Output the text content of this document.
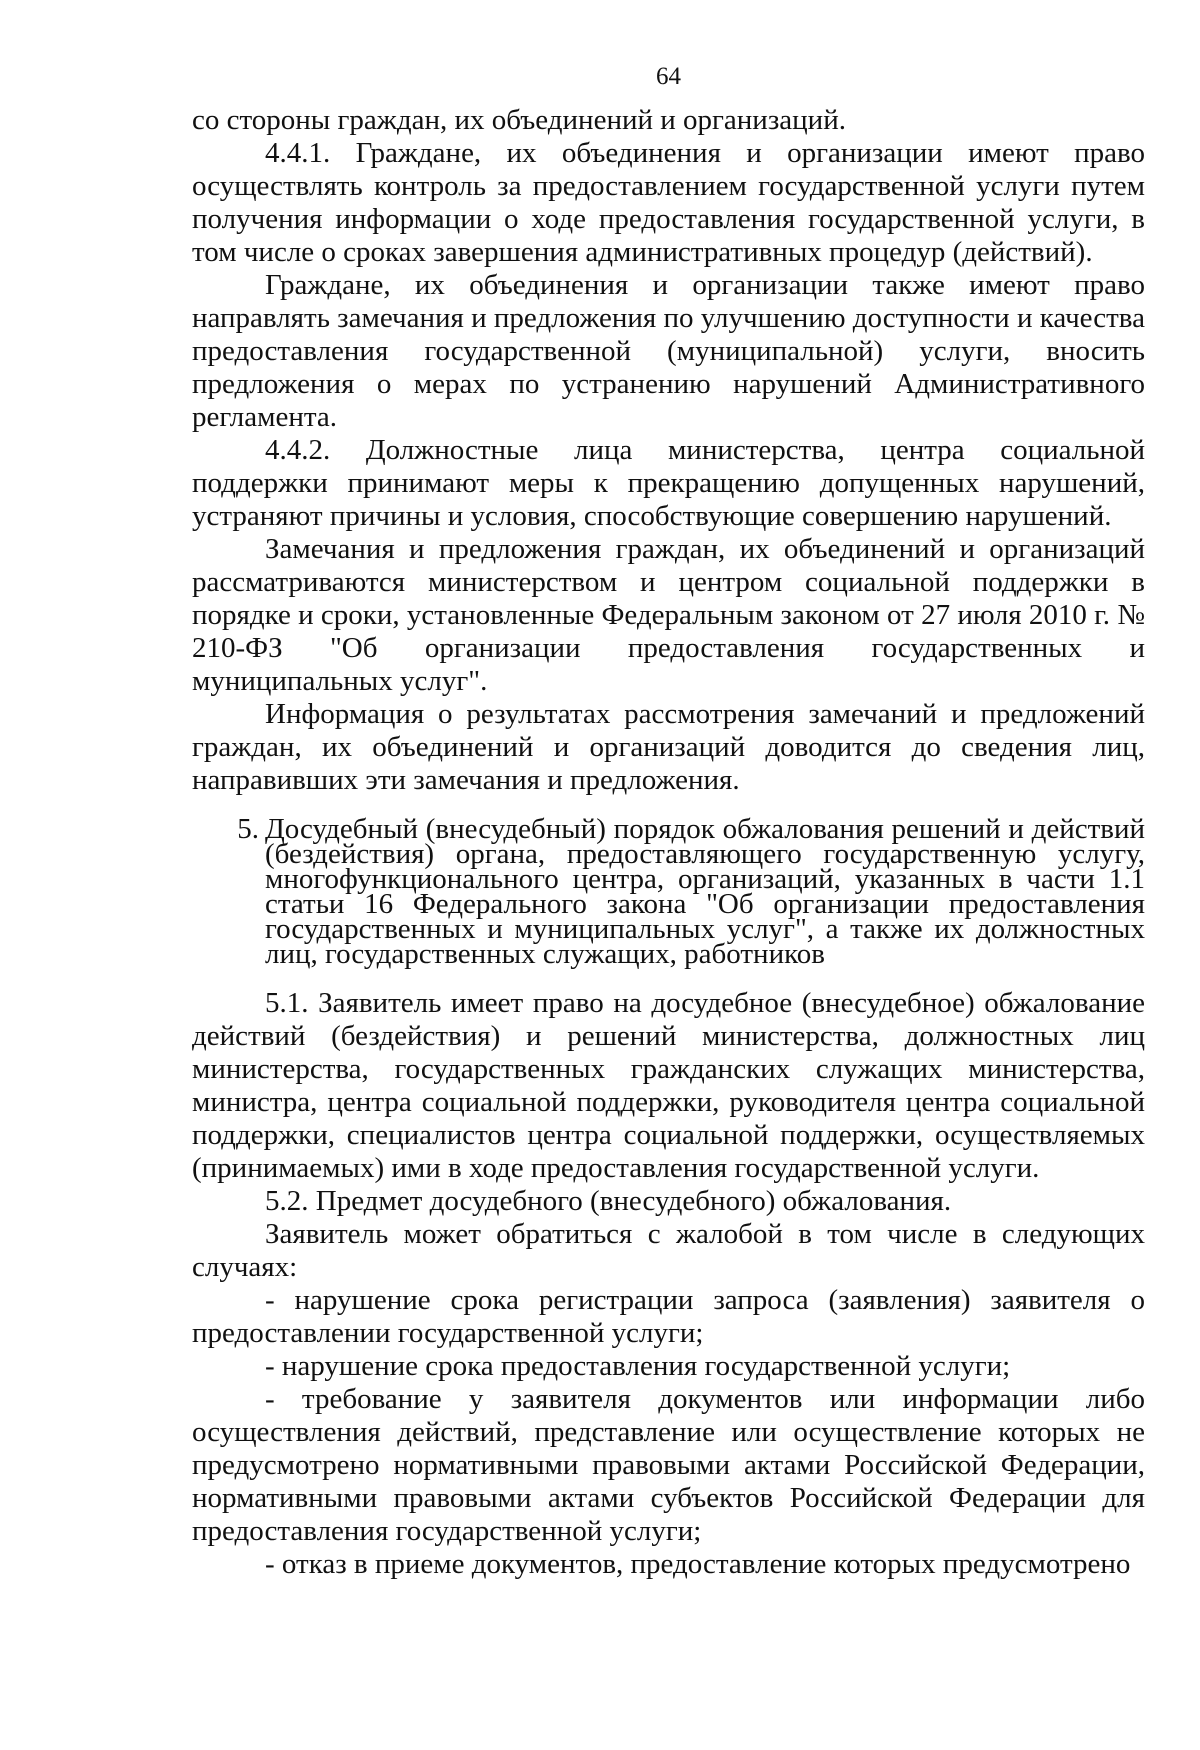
64

со стороны граждан, их объединений и организаций.

4.4.1. Граждане, их объединения и организации имеют право осуществлять контроль за предоставлением государственной услуги путем получения информации о ходе предоставления государственной услуги, в том числе о сроках завершения административных процедур (действий).

Граждане, их объединения и организации также имеют право направлять замечания и предложения по улучшению доступности и качества предоставления государственной (муниципальной) услуги, вносить предложения о мерах по устранению нарушений Административного регламента.

4.4.2. Должностные лица министерства, центра социальной поддержки принимают меры к прекращению допущенных нарушений, устраняют причины и условия, способствующие совершению нарушений.

Замечания и предложения граждан, их объединений и организаций рассматриваются министерством и центром социальной поддержки в порядке и сроки, установленные Федеральным законом от 27 июля 2010 г. № 210-ФЗ "Об организации предоставления государственных и муниципальных услуг".

Информация о результатах рассмотрения замечаний и предложений граждан, их объединений и организаций доводится до сведения лиц, направивших эти замечания и предложения.

5. Досудебный (внесудебный) порядок обжалования решений и действий (бездействия) органа, предоставляющего государственную услугу, многофункционального центра, организаций, указанных в части 1.1 статьи 16 Федерального закона "Об организации предоставления государственных и муниципальных услуг", а также их должностных лиц, государственных служащих, работников

5.1. Заявитель имеет право на досудебное (внесудебное) обжалование действий (бездействия) и решений министерства, должностных лиц министерства, государственных гражданских служащих министерства, министра, центра социальной поддержки, руководителя центра социальной поддержки, специалистов центра социальной поддержки, осуществляемых (принимаемых) ими в ходе предоставления государственной услуги.

5.2. Предмет досудебного (внесудебного) обжалования.

Заявитель может обратиться с жалобой в том числе в следующих случаях:

- нарушение срока регистрации запроса (заявления) заявителя о предоставлении государственной услуги;

- нарушение срока предоставления государственной услуги;

- требование у заявителя документов или информации либо осуществления действий, представление или осуществление которых не предусмотрено нормативными правовыми актами Российской Федерации, нормативными правовыми актами субъектов Российской Федерации для предоставления государственной услуги;

- отказ в приеме документов, предоставление которых предусмотрено
